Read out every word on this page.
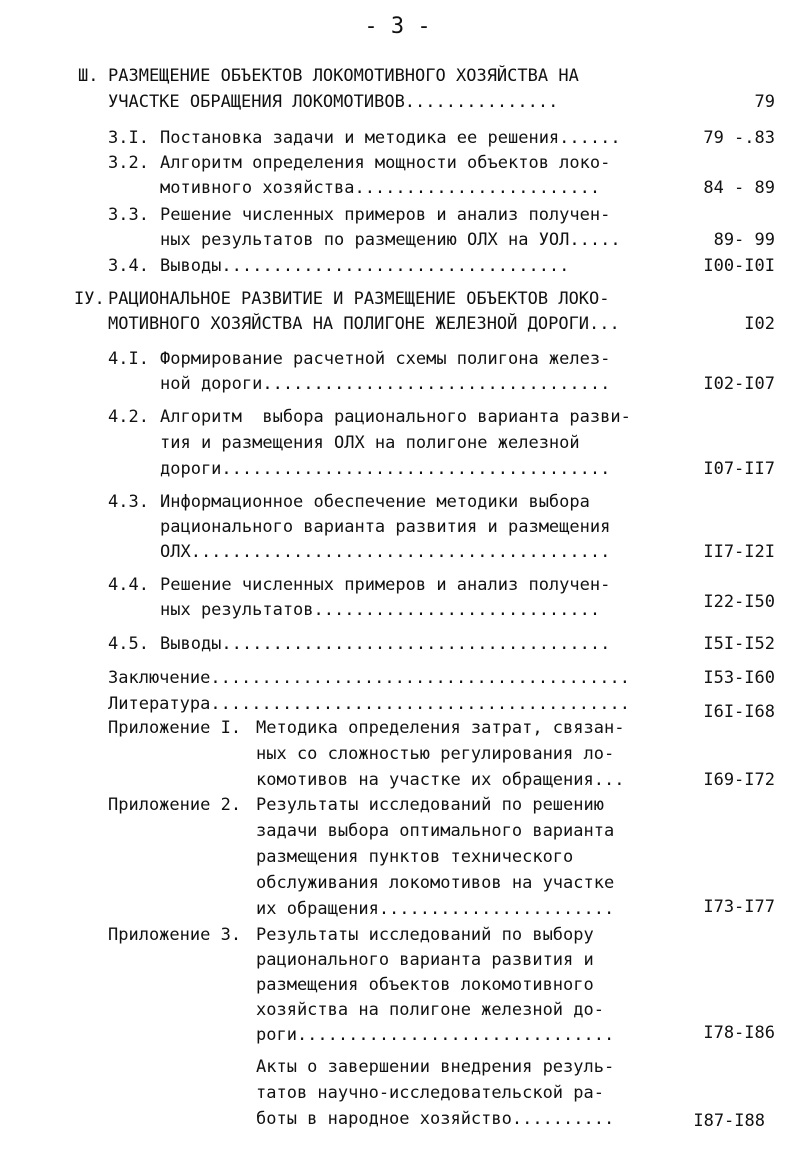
- 3 -
Ш. РАЗМЕЩЕНИЕ ОБЪЕКТОВ ЛОКОМОТИВНОГО ХОЗЯЙСТВА НА
УЧАСТКЕ ОБРАЩЕНИЯ ЛОКОМОТИВОВ...............	79
3.I. Постановка задачи и методика ее решения......	79 -.83
3.2. Алгоритм определения мощности объектов локо-
мотивного хозяйства........................	84 - 89
3.3. Решение численных примеров и анализ получен-
ных результатов по размещению ОЛХ на УОЛ.....	89- 99
3.4. Выводы..................................	I00-I0I
IУ. РАЦИОНАЛЬНОЕ РАЗВИТИЕ И РАЗМЕЩЕНИЕ ОБЪЕКТОВ ЛОКО-
МОТИВНОГО ХОЗЯЙСТВА НА ПОЛИГОНЕ ЖЕЛЕЗНОЙ ДОРОГИ...	I02
4.I. Формирование расчетной схемы полигона желез-
ной дороги..................................	I02-I07
4.2. Алгоритм  выбора рационального варианта разви-
тия и размещения ОЛХ на полигоне железной
дороги......................................	I07-II7
4.3. Информационное обеспечение методики выбора
рационального варианта развития и размещения
ОЛХ.........................................	II7-I2I
4.4. Решение численных примеров и анализ получен-
ных результатов............................	I22-I50
4.5. Выводы......................................	I5I-I52
Заключение.........................................	I53-I60
Литература.........................................	I6I-I68
Приложение I. Методика определения затрат, связан-
ных со сложностью регулирования ло-
комотивов на участке их обращения...	I69-I72
Приложение 2. Результаты исследований по решению
задачи выбора оптимального варианта
размещения пунктов технического
обслуживания локомотивов на участке
их обращения.......................	I73-I77
Приложение 3. Результаты исследований по выбору
рационального варианта развития и
размещения объектов локомотивного
хозяйства на полигоне железной до-
роги...............................	I78-I86
Акты о завершении внедрения резуль-
татов научно-исследовательской ра-
боты в народное хозяйство..........	I87-I88
